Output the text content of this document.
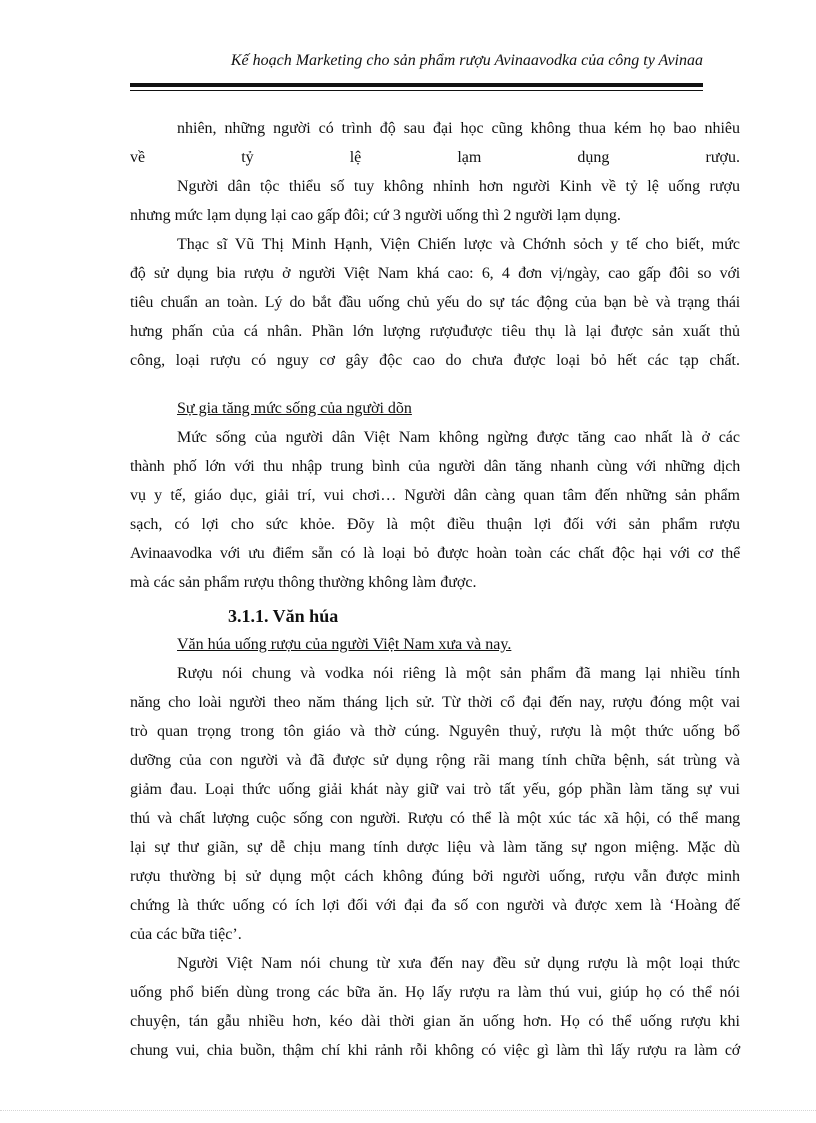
Kế hoạch Marketing cho sản phẩm rượu Avinaavodka của công ty Avinaa
nhiên, những người có trình độ sau đại học cũng không thua kém họ bao nhiêu
về	tỷ	lệ	lạm	dụng	rượu.
Người dân tộc thiểu số tuy không nhỉnh hơn người Kinh về tỷ lệ uống rượu
nhưng mức lạm dụng lại cao gấp đôi; cứ 3 người uống thì 2 người lạm dụng.
Thạc sĩ Vũ Thị Minh Hạnh, Viện Chiến lược và Chớnh sỏch y tế cho biết, mức
độ sử dụng bia rượu ở người Việt Nam khá cao: 6, 4 đơn vị/ngày, cao gấp đôi so với
tiêu chuẩn an toàn. Lý do bắt đầu uống chủ yếu do sự tác động của bạn bè và trạng thái
hưng phấn của cá nhân. Phần lớn lượng rượuđược tiêu thụ là lại được sản xuất thủ
công, loại rượu có nguy cơ gây độc cao do chưa được loại bỏ hết các tạp chất.
Sự gia tăng mức sống của người dõn
Mức sống của người dân Việt Nam không ngừng được tăng cao nhất là ở các
thành phố lớn với thu nhập trung bình của người dân tăng nhanh cùng với những dịch
vụ y tế, giáo dục, giải trí, vui chơi… Người dân càng quan tâm đến những sản phẩm
sạch, có lợi cho sức khỏe. Đõy là một điều thuận lợi đối với sản phẩm rượu
Avinaavodka với ưu điểm sẵn có là loại bỏ được hoàn toàn các chất độc hại với cơ thể
mà các sản phẩm rượu thông thường không làm được.
3.1.1. Văn húa
Văn húa uống rượu của người Việt Nam xưa và nay.
Rượu nói chung và vodka nói riêng là một sản phẩm đã mang lại nhiều tính
năng cho loài người theo năm tháng lịch sử. Từ thời cổ đại đến nay, rượu đóng một vai
trò quan trọng trong tôn giáo và thờ cúng. Nguyên thuỷ, rượu là một thức uống bổ
dưỡng của con người và đã được sử dụng rộng rãi mang tính chữa bệnh, sát trùng và
giảm đau. Loại thức uống giải khát này giữ vai trò tất yếu, góp phần làm tăng sự vui
thú và chất lượng cuộc sống con người. Rượu có thể là một xúc tác xã hội, có thể mang
lại sự thư giãn, sự dễ chịu mang tính dược liệu và làm tăng sự ngon miệng. Mặc dù
rượu thường bị sử dụng một cách không đúng bởi người uống, rượu vẫn được minh
chứng là thức uống có ích lợi đối với đại đa số con người và được xem là ‘Hoàng đế
của các bữa tiệc’.
Người Việt Nam nói chung từ xưa đến nay đều sử dụng rượu là một loại thức
uống phổ biến dùng trong các bữa ăn. Họ lấy rượu ra làm thú vui, giúp họ có thể nói
chuyện, tán gẫu nhiều hơn, kéo dài thời gian ăn uống hơn. Họ có thể uống rượu khi
chung vui, chia buồn, thậm chí khi rảnh rỗi không có việc gì làm thì lấy rượu ra làm cớ
